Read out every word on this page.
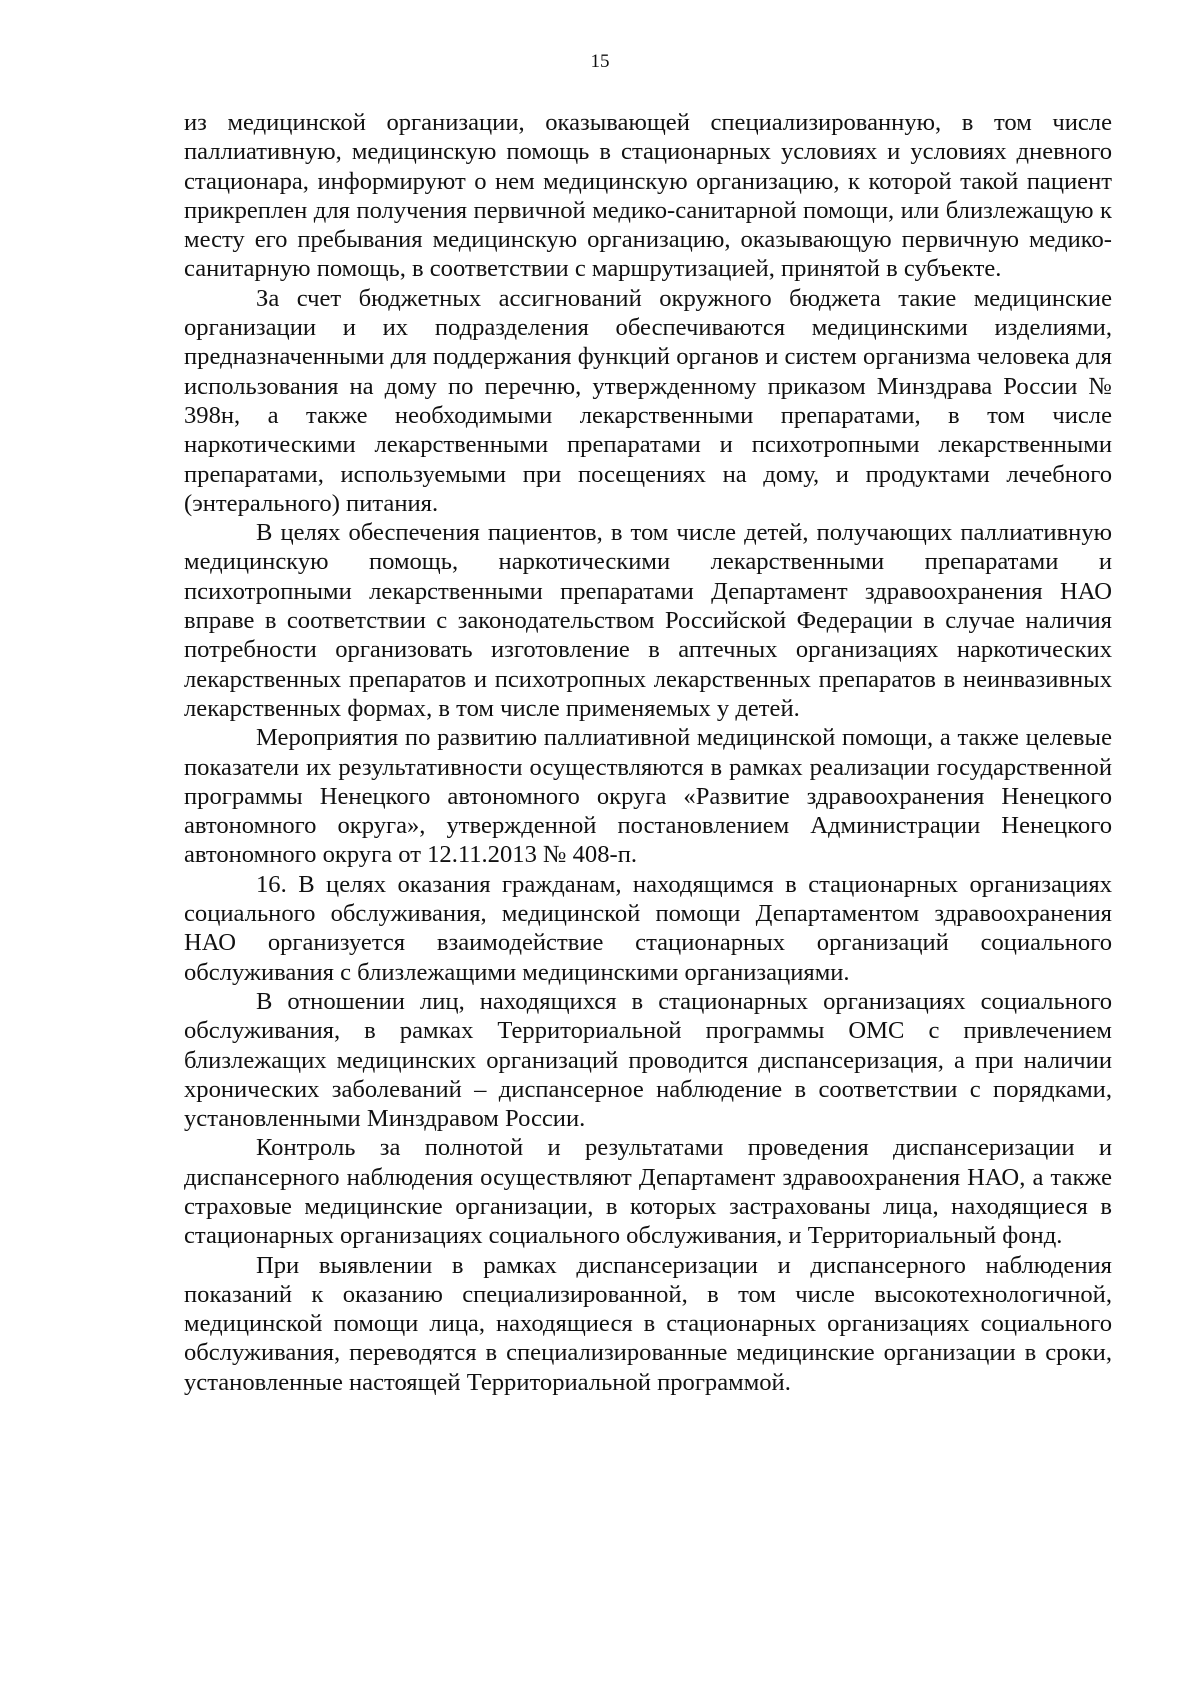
15

из медицинской организации, оказывающей специализированную, в том числе паллиативную, медицинскую помощь в стационарных условиях и условиях дневного стационара, информируют о нем медицинскую организацию, к которой такой пациент прикреплен для получения первичной медико-санитарной помощи, или близлежащую к месту его пребывания медицинскую организацию, оказывающую первичную медико-санитарную помощь, в соответствии с маршрутизацией, принятой в субъекте.

За счет бюджетных ассигнований окружного бюджета такие медицинские организации и их подразделения обеспечиваются медицинскими изделиями, предназначенными для поддержания функций органов и систем организма человека для использования на дому по перечню, утвержденному приказом Минздрава России № 398н, а также необходимыми лекарственными препаратами, в том числе наркотическими лекарственными препаратами и психотропными лекарственными препаратами, используемыми при посещениях на дому, и продуктами лечебного (энтерального) питания.

В целях обеспечения пациентов, в том числе детей, получающих паллиативную медицинскую помощь, наркотическими лекарственными препаратами и психотропными лекарственными препаратами Департамент здравоохранения НАО вправе в соответствии с законодательством Российской Федерации в случае наличия потребности организовать изготовление в аптечных организациях наркотических лекарственных препаратов и психотропных лекарственных препаратов в неинвазивных лекарственных формах, в том числе применяемых у детей.

Мероприятия по развитию паллиативной медицинской помощи, а также целевые показатели их результативности осуществляются в рамках реализации государственной программы Ненецкого автономного округа «Развитие здравоохранения Ненецкого автономного округа», утвержденной постановлением Администрации Ненецкого автономного округа от 12.11.2013 № 408-п.

16. В целях оказания гражданам, находящимся в стационарных организациях социального обслуживания, медицинской помощи Департаментом здравоохранения НАО организуется взаимодействие стационарных организаций социального обслуживания с близлежащими медицинскими организациями.

В отношении лиц, находящихся в стационарных организациях социального обслуживания, в рамках Территориальной программы ОМС с привлечением близлежащих медицинских организаций проводится диспансеризация, а при наличии хронических заболеваний – диспансерное наблюдение в соответствии с порядками, установленными Минздравом России.

Контроль за полнотой и результатами проведения диспансеризации и диспансерного наблюдения осуществляют Департамент здравоохранения НАО, а также страховые медицинские организации, в которых застрахованы лица, находящиеся в стационарных организациях социального обслуживания, и Территориальный фонд.

При выявлении в рамках диспансеризации и диспансерного наблюдения показаний к оказанию специализированной, в том числе высокотехнологичной, медицинской помощи лица, находящиеся в стационарных организациях социального обслуживания, переводятся в специализированные медицинские организации в сроки, установленные настоящей Территориальной программой.
